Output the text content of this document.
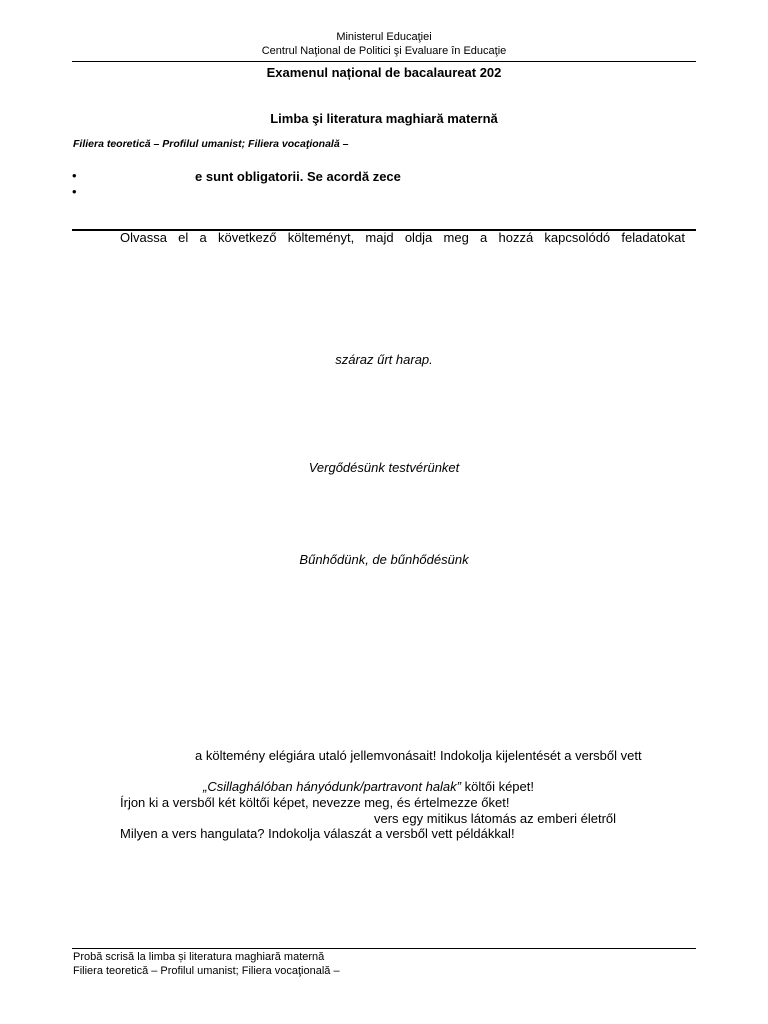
Ministerul Educaţiei
Centrul Naţional de Politici şi Evaluare în Educaţie
Examenul național de bacalaureat 202
Limba şi literatura maghiară maternă
Filiera teoretică – Profilul umanist; Filiera vocaţională –
•	e sunt obligatorii. Se acordă zece
•
Olvassa el a következő költeményt, majd oldja meg a hozzá kapcsolódó feladatokat
száraz űrt harap.
Vergődésünk testvérünket
Bűnhődünk, de bűnhődésünk
a költemény elégiára utaló jellemvonásait! Indokolja kijelentését a versből vett
„Csillaghálóban hányódunk/partravont halak” költői képet!
Írjon ki a versből két költői képet, nevezze meg, és értelmezze őket!
vers egy mitikus látomás az emberi életről
Milyen a vers hangulata? Indokolja válaszát a versből vett példákkal!
Probă scrisă la limba și literatura maghiară maternă
Filiera teoretică – Profilul umanist; Filiera vocaţională –
